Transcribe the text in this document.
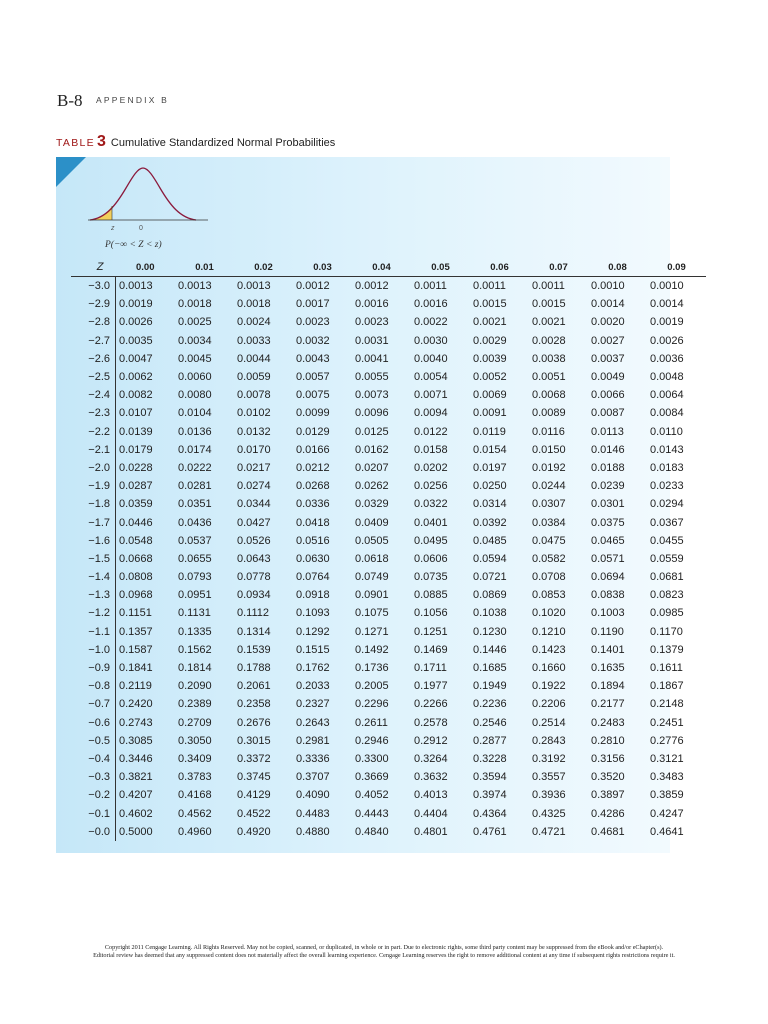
B-8 APPENDIX B
TABLE 3 Cumulative Standardized Normal Probabilities
z	0
P(−∞ < Z < z)
Z	0.00	0.01	0.02	0.03	0.04	0.05	0.06	0.07	0.08	0.09
−3.0	0.0013	0.0013	0.0013	0.0012	0.0012	0.0011	0.0011	0.0011	0.0010	0.0010
−2.9	0.0019	0.0018	0.0018	0.0017	0.0016	0.0016	0.0015	0.0015	0.0014	0.0014
−2.8	0.0026	0.0025	0.0024	0.0023	0.0023	0.0022	0.0021	0.0021	0.0020	0.0019
−2.7	0.0035	0.0034	0.0033	0.0032	0.0031	0.0030	0.0029	0.0028	0.0027	0.0026
−2.6	0.0047	0.0045	0.0044	0.0043	0.0041	0.0040	0.0039	0.0038	0.0037	0.0036
−2.5	0.0062	0.0060	0.0059	0.0057	0.0055	0.0054	0.0052	0.0051	0.0049	0.0048
−2.4	0.0082	0.0080	0.0078	0.0075	0.0073	0.0071	0.0069	0.0068	0.0066	0.0064
−2.3	0.0107	0.0104	0.0102	0.0099	0.0096	0.0094	0.0091	0.0089	0.0087	0.0084
−2.2	0.0139	0.0136	0.0132	0.0129	0.0125	0.0122	0.0119	0.0116	0.0113	0.0110
−2.1	0.0179	0.0174	0.0170	0.0166	0.0162	0.0158	0.0154	0.0150	0.0146	0.0143
−2.0	0.0228	0.0222	0.0217	0.0212	0.0207	0.0202	0.0197	0.0192	0.0188	0.0183
−1.9	0.0287	0.0281	0.0274	0.0268	0.0262	0.0256	0.0250	0.0244	0.0239	0.0233
−1.8	0.0359	0.0351	0.0344	0.0336	0.0329	0.0322	0.0314	0.0307	0.0301	0.0294
−1.7	0.0446	0.0436	0.0427	0.0418	0.0409	0.0401	0.0392	0.0384	0.0375	0.0367
−1.6	0.0548	0.0537	0.0526	0.0516	0.0505	0.0495	0.0485	0.0475	0.0465	0.0455
−1.5	0.0668	0.0655	0.0643	0.0630	0.0618	0.0606	0.0594	0.0582	0.0571	0.0559
−1.4	0.0808	0.0793	0.0778	0.0764	0.0749	0.0735	0.0721	0.0708	0.0694	0.0681
−1.3	0.0968	0.0951	0.0934	0.0918	0.0901	0.0885	0.0869	0.0853	0.0838	0.0823
−1.2	0.1151	0.1131	0.1112	0.1093	0.1075	0.1056	0.1038	0.1020	0.1003	0.0985
−1.1	0.1357	0.1335	0.1314	0.1292	0.1271	0.1251	0.1230	0.1210	0.1190	0.1170
−1.0	0.1587	0.1562	0.1539	0.1515	0.1492	0.1469	0.1446	0.1423	0.1401	0.1379
−0.9	0.1841	0.1814	0.1788	0.1762	0.1736	0.1711	0.1685	0.1660	0.1635	0.1611
−0.8	0.2119	0.2090	0.2061	0.2033	0.2005	0.1977	0.1949	0.1922	0.1894	0.1867
−0.7	0.2420	0.2389	0.2358	0.2327	0.2296	0.2266	0.2236	0.2206	0.2177	0.2148
−0.6	0.2743	0.2709	0.2676	0.2643	0.2611	0.2578	0.2546	0.2514	0.2483	0.2451
−0.5	0.3085	0.3050	0.3015	0.2981	0.2946	0.2912	0.2877	0.2843	0.2810	0.2776
−0.4	0.3446	0.3409	0.3372	0.3336	0.3300	0.3264	0.3228	0.3192	0.3156	0.3121
−0.3	0.3821	0.3783	0.3745	0.3707	0.3669	0.3632	0.3594	0.3557	0.3520	0.3483
−0.2	0.4207	0.4168	0.4129	0.4090	0.4052	0.4013	0.3974	0.3936	0.3897	0.3859
−0.1	0.4602	0.4562	0.4522	0.4483	0.4443	0.4404	0.4364	0.4325	0.4286	0.4247
−0.0	0.5000	0.4960	0.4920	0.4880	0.4840	0.4801	0.4761	0.4721	0.4681	0.4641
Copyright 2011 Cengage Learning. All Rights Reserved. May not be copied, scanned, or duplicated, in whole or in part. Due to electronic rights, some third party content may be suppressed from the eBook and/or eChapter(s).
Editorial review has deemed that any suppressed content does not materially affect the overall learning experience. Cengage Learning reserves the right to remove additional content at any time if subsequent rights restrictions require it.
